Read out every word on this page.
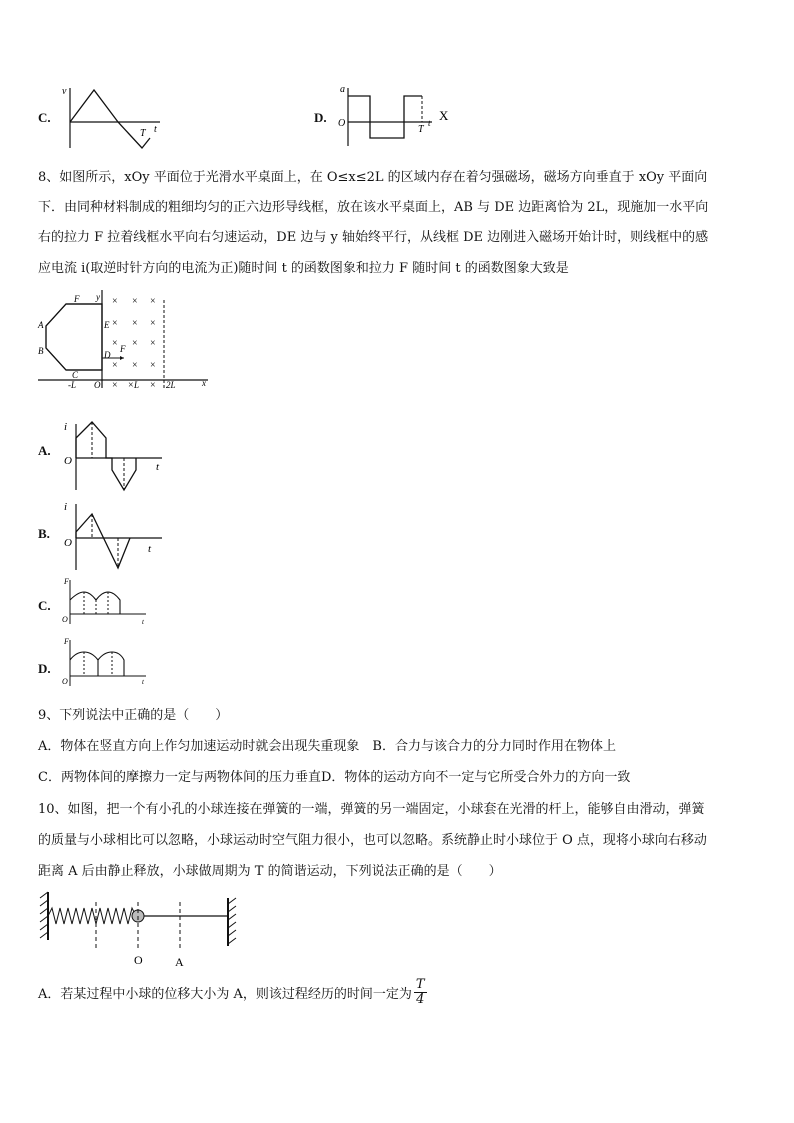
C.
v
T t
D.
a
O
T
t X
8、如图所示，xOy 平面位于光滑水平桌面上，在 O≤x≤2L 的区域内存在着匀强磁场，磁场方向垂直于 xOy 平面向
下．由同种材料制成的粗细均匀的正六边形导线框，放在该水平桌面上，AB 与 DE 边距离恰为 2L，现施加一水平向
右的拉力 F 拉着线框水平向右匀速运动，DE 边与 y 轴始终平行，从线框 DE 边刚进入磁场开始计时，则线框中的感
应电流 i(取逆时针方向的电流为正)随时间 t 的函数图象和拉力 F 随时间 t 的函数图象大致是
F
A
B
C
D
E
y
x
F
-L O	L	2L
× × ×
× × ×
× × ×
× × ×
× × ×
A.
i
O	t
B.
i
O	t
C.
F
O	t
D.
F
O	t
9、下列说法中正确的是（　　）
A．物体在竖直方向上作匀加速运动时就会出现失重现象　B．合力与该合力的分力同时作用在物体上
C．两物体间的摩擦力一定与两物体间的压力垂直D．物体的运动方向不一定与它所受合外力的方向一致
10、如图，把一个有小孔的小球连接在弹簧的一端，弹簧的另一端固定，小球套在光滑的杆上，能够自由滑动，弹簧
的质量与小球相比可以忽略，小球运动时空气阻力很小，也可以忽略。系统静止时小球位于 O 点，现将小球向右移动
距离 A 后由静止释放，小球做周期为 T 的简谐运动，下列说法正确的是（　　）
O	A
A．若某过程中小球的位移大小为 A，则该过程经历的时间一定为 $\frac{T}{4}$
